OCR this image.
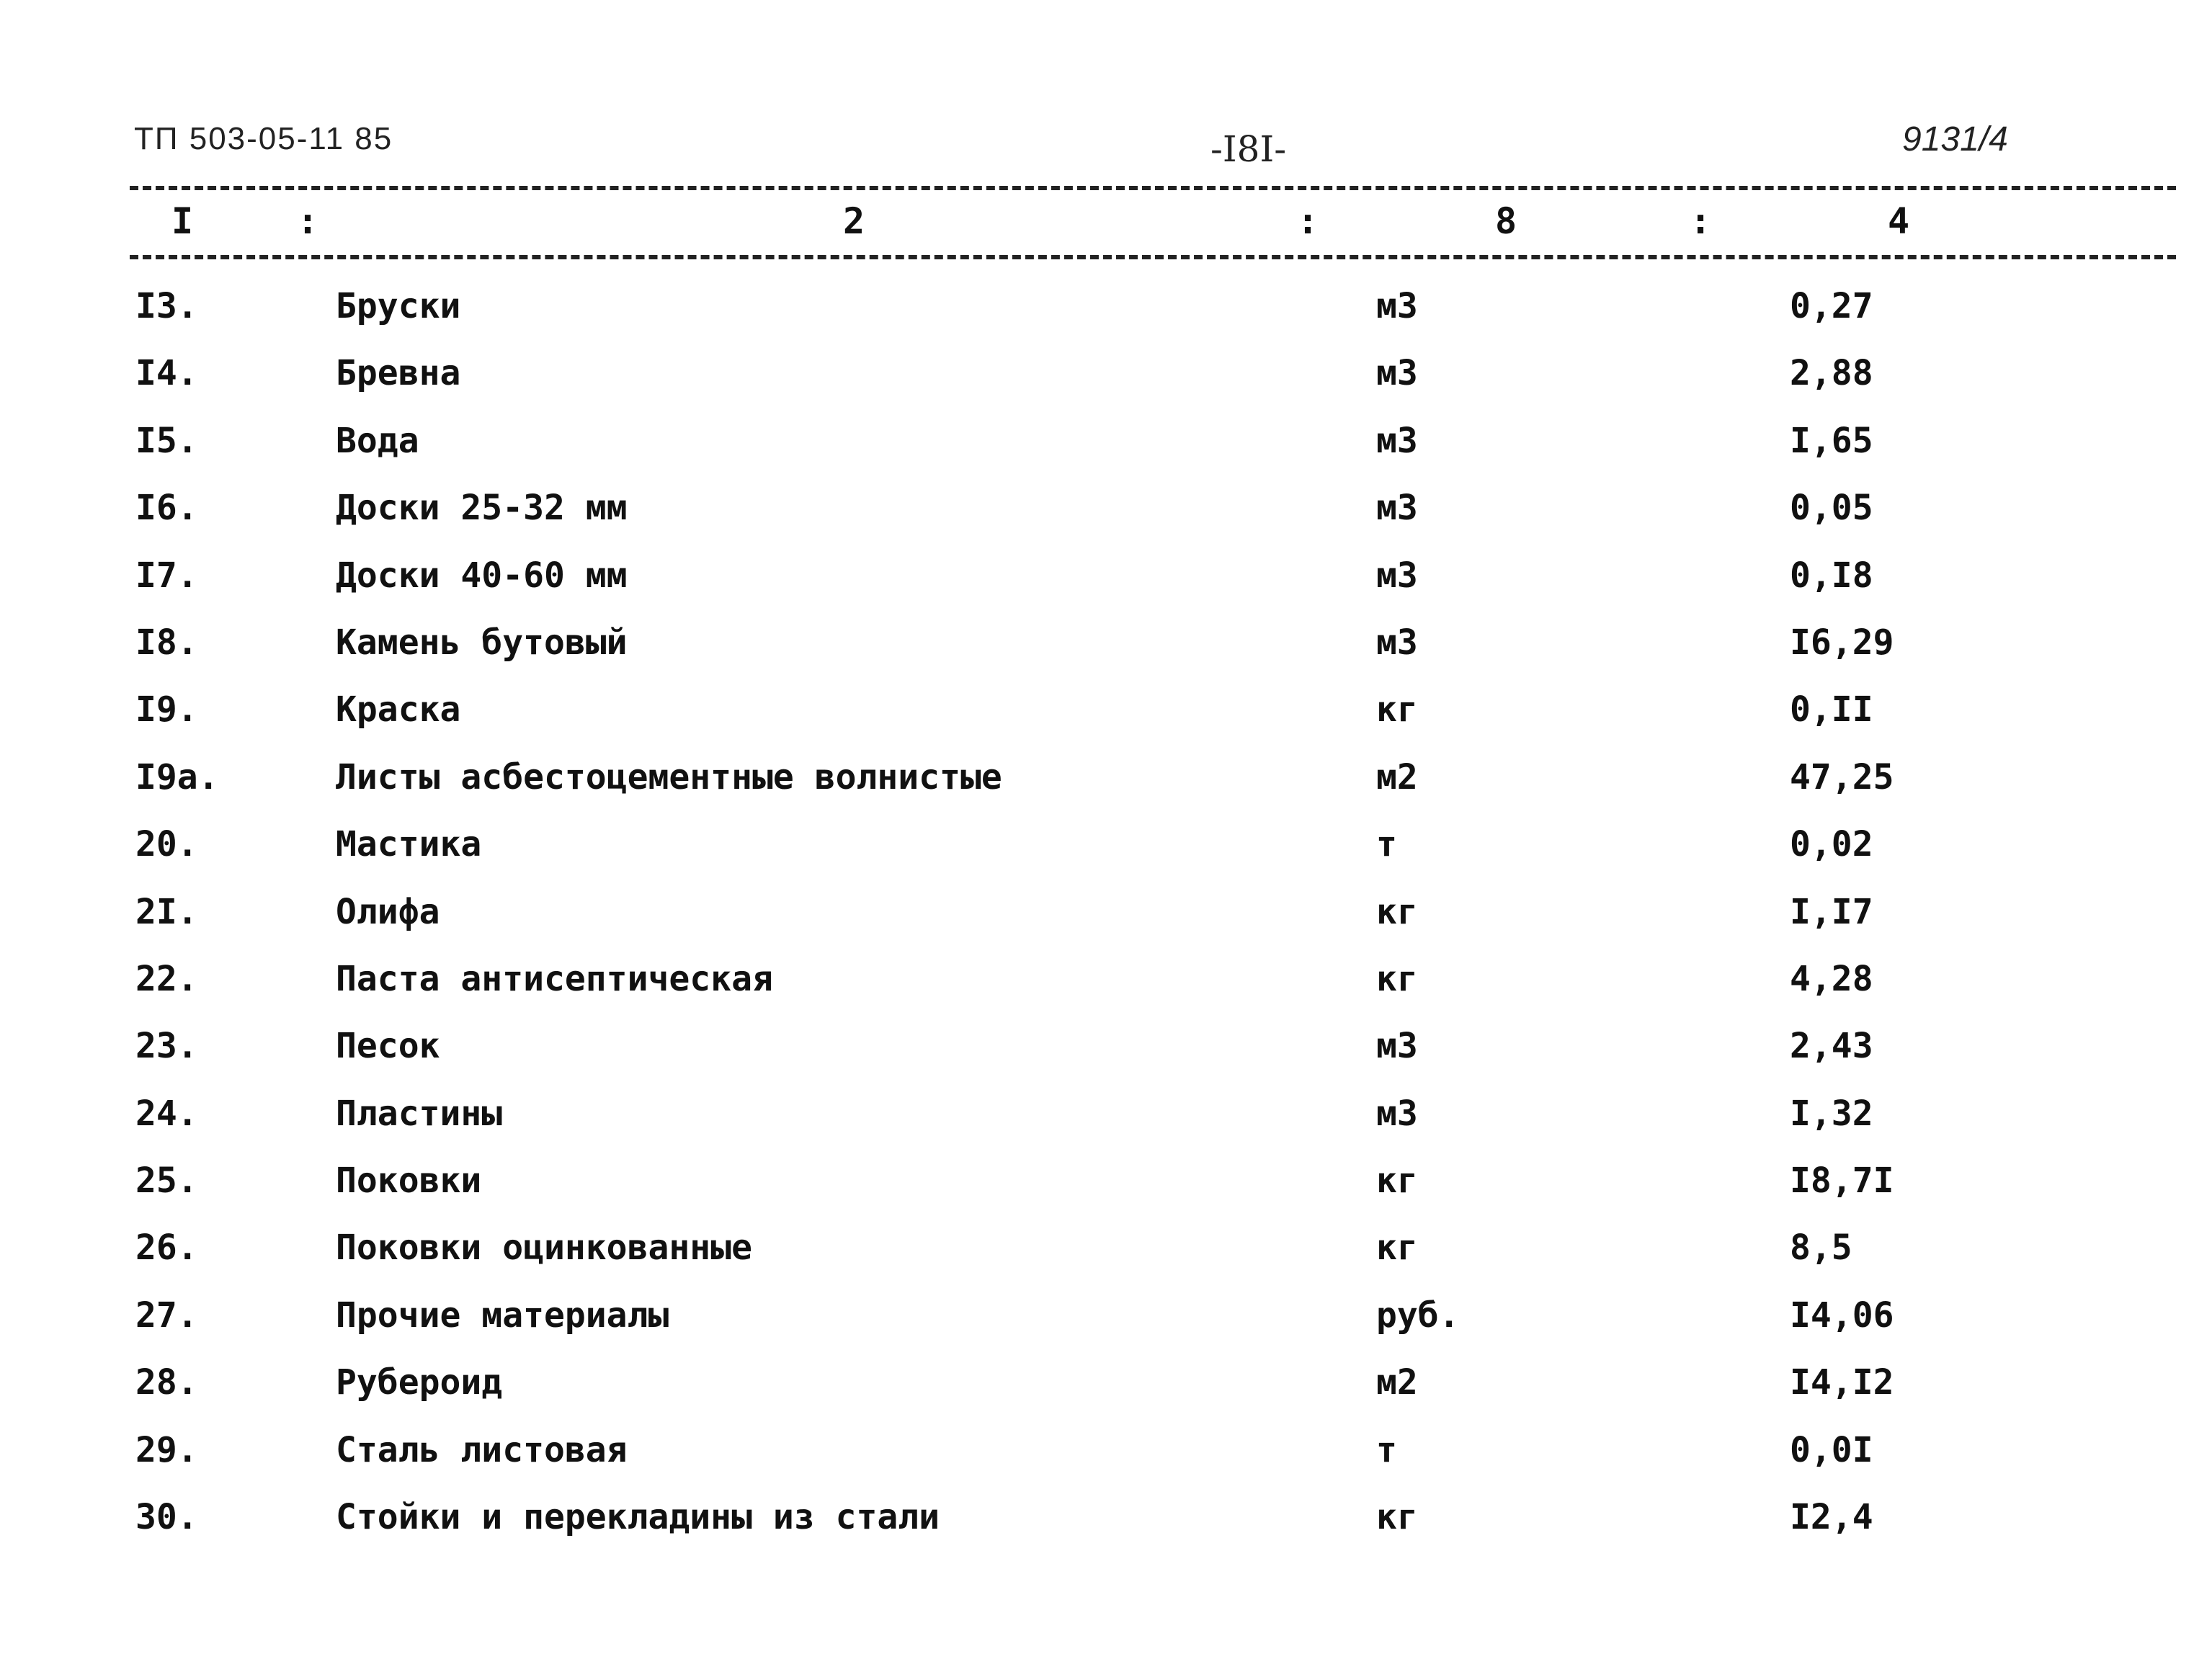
ТП 503-05-11 85	-I8I-	9131/4
I	:	2	:	8	:	4
I3.	Бруски	м3	0,27
I4.	Бревна	м3	2,88
I5.	Вода	м3	I,65
I6.	Доски 25-32 мм	м3	0,05
I7.	Доски 40-60 мм	м3	0,I8
I8.	Камень бутовый	м3	I6,29
I9.	Краска	кг	0,II
I9а.	Листы асбестоцементные волнистые	м2	47,25
20.	Мастика	т	0,02
2I.	Олифа	кг	I,I7
22.	Паста антисептическая	кг	4,28
23.	Песок	м3	2,43
24.	Пластины	м3	I,32
25.	Поковки	кг	I8,7I
26.	Поковки оцинкованные	кг	8,5
27.	Прочие материалы	руб.	I4,06
28.	Рубероид	м2	I4,I2
29.	Сталь листовая	т	0,0I
30.	Стойки и перекладины из стали	кг	I2,4
